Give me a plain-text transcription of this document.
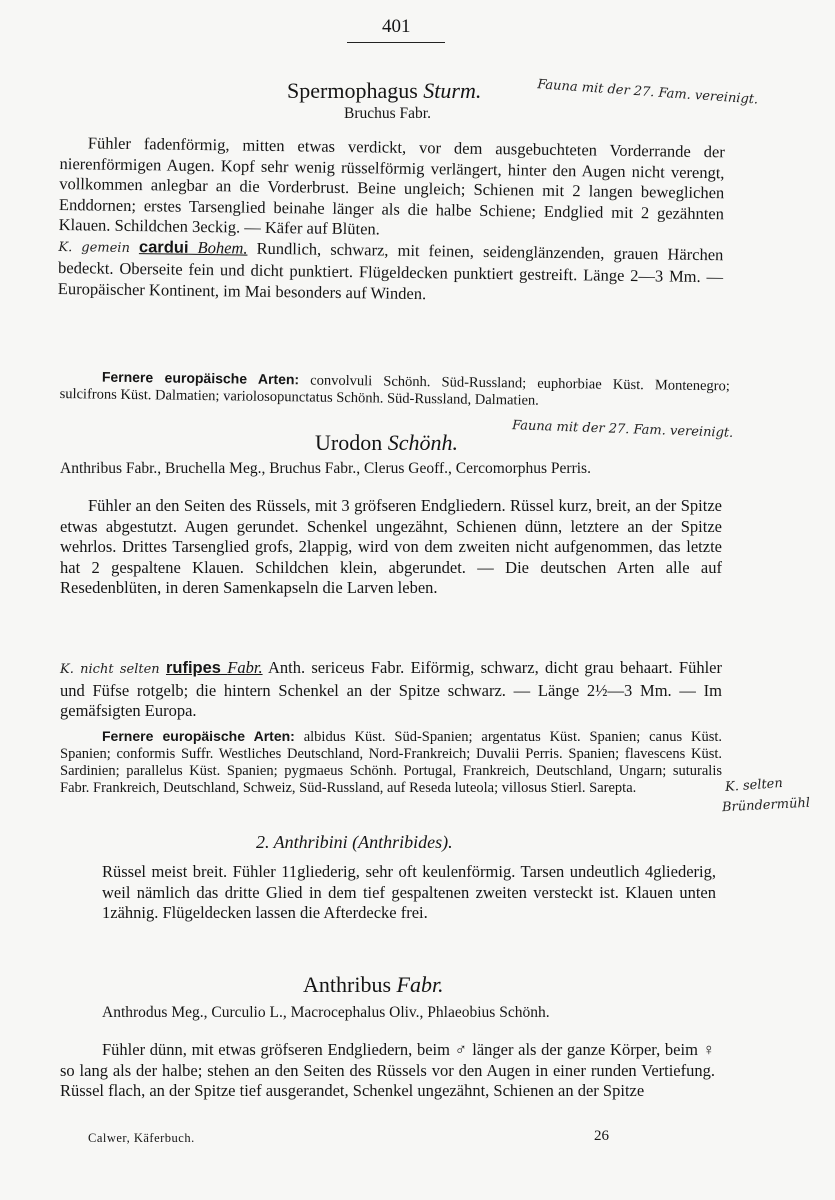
401
Spermophagus Sturm.
Bruchus Fabr.
Fauna mit der 27. Fam. vereinigt.

Fühler fadenförmig, mitten etwas verdickt, vor dem ausgebuchteten Vorderrande der nierenförmigen Augen. Kopf sehr wenig rüsselförmig verlängert, hinter den Augen nicht verengt, vollkommen anlegbar an die Vorderbrust. Beine ungleich; Schienen mit 2 langen beweglichen Enddornen; erstes Tarsenglied beinahe länger als die halbe Schiene; Endglied mit 2 gezähnten Klauen. Schildchen 3eckig. — Käfer auf Blüten.

K. gemein cardui Bohem. Rundlich, schwarz, mit feinen, seidenglänzenden, grauen Härchen bedeckt. Oberseite fein und dicht punktiert. Flügeldecken punktiert gestreift. Länge 2—3 Mm. — Europäischer Kontinent, im Mai besonders auf Winden.

Fernere europäische Arten: convolvuli Schönh. Süd-Russland; euphorbiae Küst. Montenegro; sulcifrons Küst. Dalmatien; variolosopunctatus Schönh. Süd-Russland, Dalmatien.

Urodon Schönh.
Fauna mit der 27. Fam. vereinigt.
Anthribus Fabr., Bruchella Meg., Bruchus Fabr., Clerus Geoff., Cercomorphus Perris.

Fühler an den Seiten des Rüssels, mit 3 gröfseren Endgliedern. Rüssel kurz, breit, an der Spitze etwas abgestutzt. Augen gerundet. Schenkel ungezähnt, Schienen dünn, letztere an der Spitze wehrlos. Drittes Tarsenglied grofs, 2lappig, wird von dem zweiten nicht aufgenommen, das letzte hat 2 gespaltene Klauen. Schildchen klein, abgerundet. — Die deutschen Arten alle auf Resedenblüten, in deren Samenkapseln die Larven leben.

K. nicht selten rufipes Fabr. Anth. sericeus Fabr. Eiförmig, schwarz, dicht grau behaart. Fühler und Füfse rotgelb; die hintern Schenkel an der Spitze schwarz. — Länge 2½—3 Mm. — Im gemäfsigten Europa.

Fernere europäische Arten: albidus Küst. Süd-Spanien; argentatus Küst. Spanien; canus Küst. Spanien; conformis Suffr. Westliches Deutschland, Nord-Frankreich; Duvalii Perris. Spanien; flavescens Küst. Sardinien; parallelus Küst. Spanien; pygmaeus Schönh. Portugal, Frankreich, Deutschland, Ungarn; suturalis Fabr. Frankreich, Deutschland, Schweiz, Süd-Russland, auf Reseda luteola; villosus Stierl. Sarepta.	K. selten
Bründermühl
2. Anthribini (Anthribides).

Rüssel meist breit. Fühler 11gliederig, sehr oft keulenförmig. Tarsen undeutlich 4gliederig, weil nämlich das dritte Glied in dem tief gespaltenen zweiten versteckt ist. Klauen unten 1zähnig. Flügeldecken lassen die Afterdecke frei.

Anthribus Fabr.
Anthrodus Meg., Curculio L., Macrocephalus Oliv., Phlaeobius Schönh.

Fühler dünn, mit etwas gröfseren Endgliedern, beim ♂ länger als der ganze Körper, beim ♀ so lang als der halbe; stehen an den Seiten des Rüssels vor den Augen in einer runden Vertiefung. Rüssel flach, an der Spitze tief ausgerandet, Schenkel ungezähnt, Schienen an der Spitze

Calwer, Käferbuch.	26
